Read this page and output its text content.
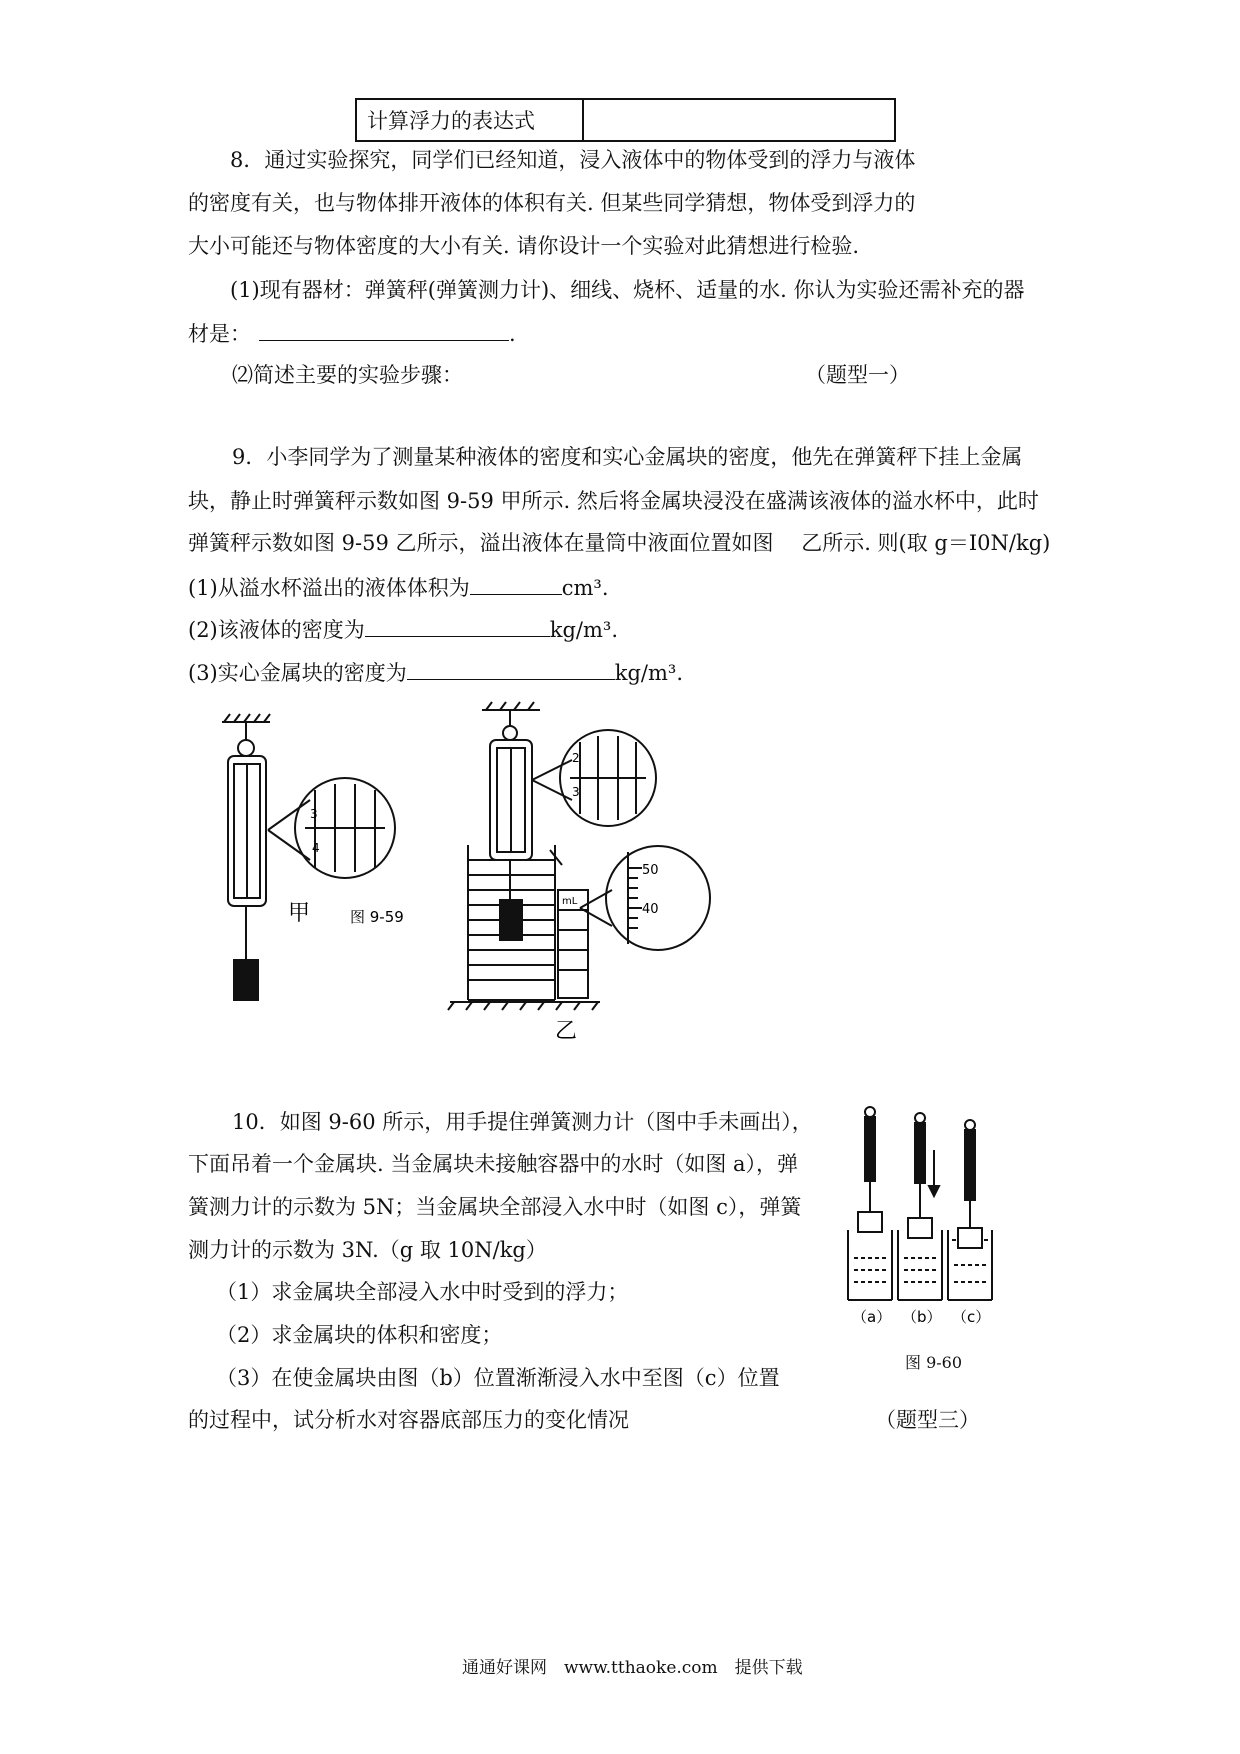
计算浮力的表达式	
8．通过实验探究，同学们已经知道，浸入液体中的物体受到的浮力与液体
的密度有关，也与物体排开液体的体积有关. 但某些同学猜想，物体受到浮力的
大小可能还与物体密度的大小有关. 请你设计一个实验对此猜想进行检验.
(1)现有器材：弹簧秤(弹簧测力计)、细线、烧杯、适量的水. 你认为实验还需补充的器
材是：	.
⑵简述主要的实验步骤：	（题型一）
9．小李同学为了测量某种液体的密度和实心金属块的密度，他先在弹簧秤下挂上金属
块，静止时弹簧秤示数如图 9-59 甲所示. 然后将金属块浸没在盛满该液体的溢水杯中，此时
弹簧秤示数如图 9-59 乙所示，溢出液体在量筒中液面位置如图　 乙所示. 则(取 g＝I0N/kg)
(1)从溢水杯溢出的液体体积为	cm³.
(2)该液体的密度为	kg/m³.
(3)实心金属块的密度为	kg/m³.
3
4
甲	图 9-59
mL
2
3
50
40
乙
10．如图 9-60 所示，用手提住弹簧测力计（图中手未画出），
下面吊着一个金属块. 当金属块未接触容器中的水时（如图 a），弹
簧测力计的示数为 5N；当金属块全部浸入水中时（如图 c），弹簧
测力计的示数为 3N.（g 取 10N/kg）
（1）求金属块全部浸入水中时受到的浮力；
（2）求金属块的体积和密度；
（3）在使金属块由图（b）位置渐渐浸入水中至图（c）位置
的过程中，试分析水对容器底部压力的变化情况	（题型三）
（a） （b） （c）
图 9-60
通通好课网　www.tthaoke.com　提供下载
